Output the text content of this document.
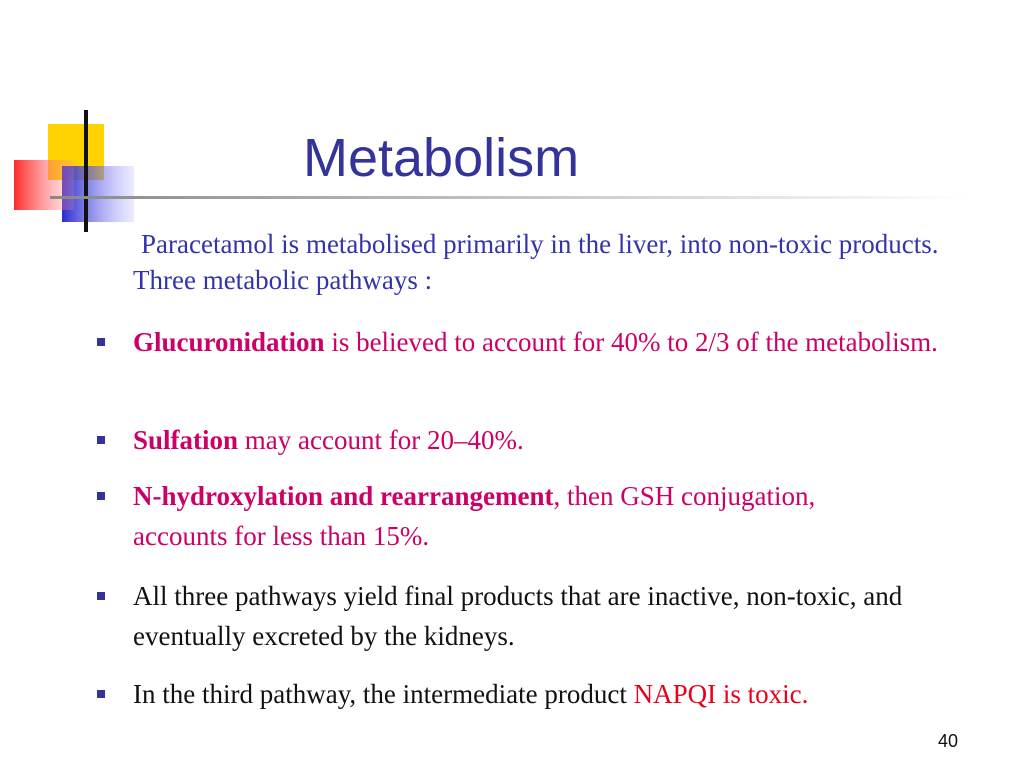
Metabolism
Paracetamol is metabolised primarily in the liver, into non-toxic products. Three metabolic pathways :
Glucuronidation is believed to account for 40% to 2/3 of the metabolism.
Sulfation may account for 20–40%.
N-hydroxylation and rearrangement, then GSH conjugation, accounts for less than 15%.
All three pathways yield final products that are inactive, non-toxic, and eventually excreted by the kidneys.
In the third pathway, the intermediate product NAPQI is toxic.
40
